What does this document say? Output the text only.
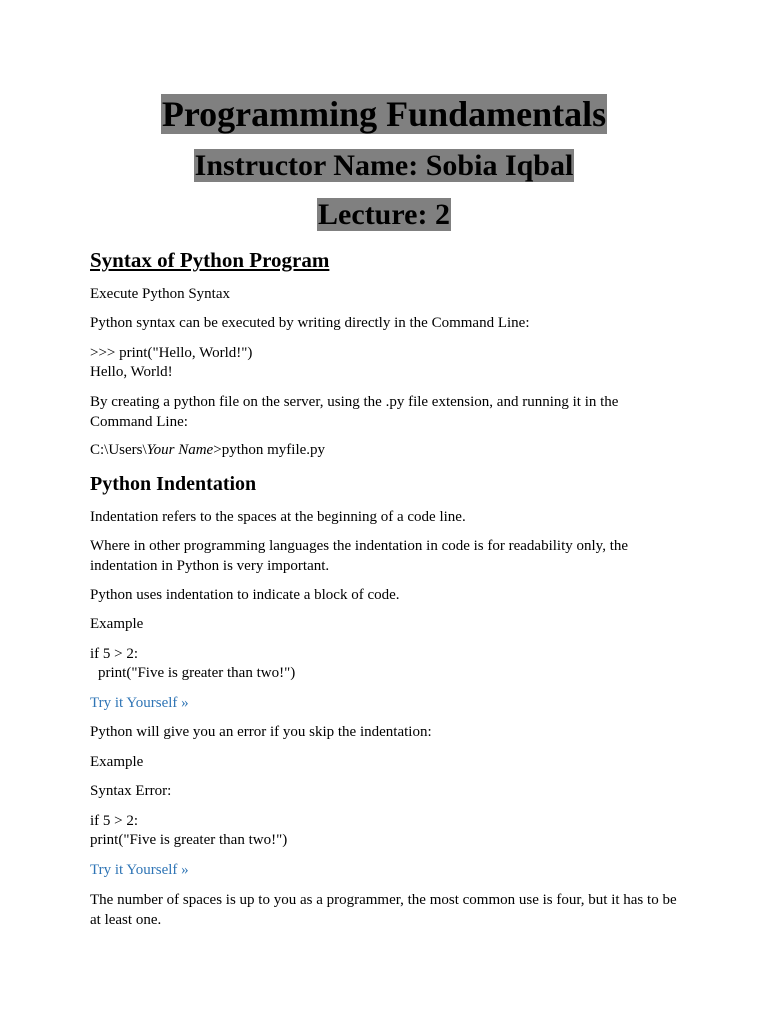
Programming Fundamentals
Instructor Name: Sobia Iqbal
Lecture: 2
Syntax of Python Program
Execute Python Syntax
Python syntax can be executed by writing directly in the Command Line:
>>> print("Hello, World!")
Hello, World!
By creating a python file on the server, using the .py file extension, and running it in the Command Line:
C:\Users\Your Name>python myfile.py
Python Indentation
Indentation refers to the spaces at the beginning of a code line.
Where in other programming languages the indentation in code is for readability only, the indentation in Python is very important.
Python uses indentation to indicate a block of code.
Example
if 5 > 2:
print("Five is greater than two!")
Try it Yourself »
Python will give you an error if you skip the indentation:
Example
Syntax Error:
if 5 > 2:
print("Five is greater than two!")
Try it Yourself »
The number of spaces is up to you as a programmer, the most common use is four, but it has to be at least one.
